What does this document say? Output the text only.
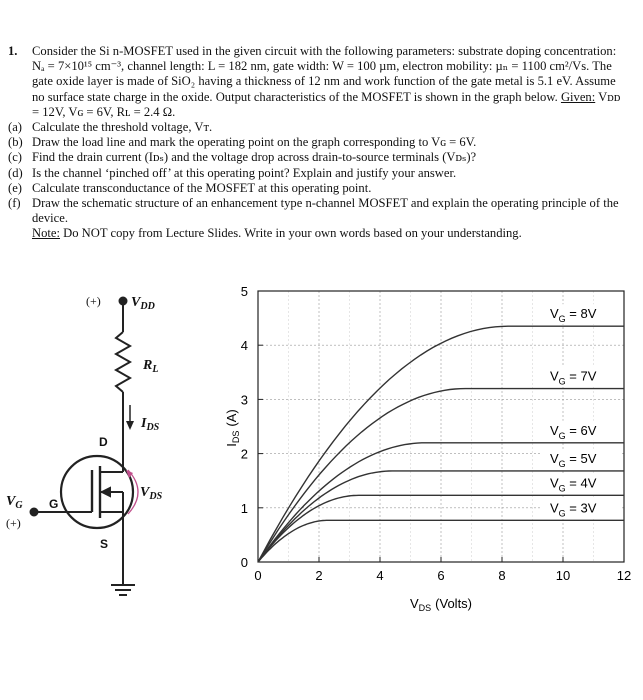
1. Consider the Si n-MOSFET used in the given circuit with the following parameters: substrate doping concentration: Nₐ = 7×10¹⁵ cm⁻³, channel length: L = 182 nm, gate width: W = 100 µm, electron mobility: µₙ = 1100 cm²/Vs. The gate oxide layer is made of SiO₂ having a thickness of 12 nm and work function of the gate metal is 5.1 eV. Assume no surface state charge in the oxide. Output characteristics of the MOSFET is shown in the graph below. Given: Vᴅᴅ = 12V, Vɢ = 6V, Rʟ = 2.4 Ω.
(a) Calculate the threshold voltage, Vᴛ.
(b) Draw the load line and mark the operating point on the graph corresponding to Vɢ = 6V.
(c) Find the drain current (Iᴅₛ) and the voltage drop across drain-to-source terminals (Vᴅₛ)?
(d) Is the channel ‘pinched off’ at this operating point? Explain and justify your answer.
(e) Calculate transconductance of the MOSFET at this operating point.
(f) Draw the schematic structure of an enhancement type n-channel MOSFET and explain the operating principle of the device.
Note: Do NOT copy from Lecture Slides. Write in your own words based on your understanding.
(+) $V_{DD}$
$R_L$
$I_{DS}$
$V_{DS}$
$V_G$
(+)
D
G
S
0	2	4	6	8	10	12
0
1
2
3
4
5
$V_G = 3V$
$V_G = 4V$
$V_G = 5V$
$V_G = 6V$
$V_G = 7V$
$V_G = 8V$
$V_{DS}$ (Volts)
$I_{DS}(A)$
